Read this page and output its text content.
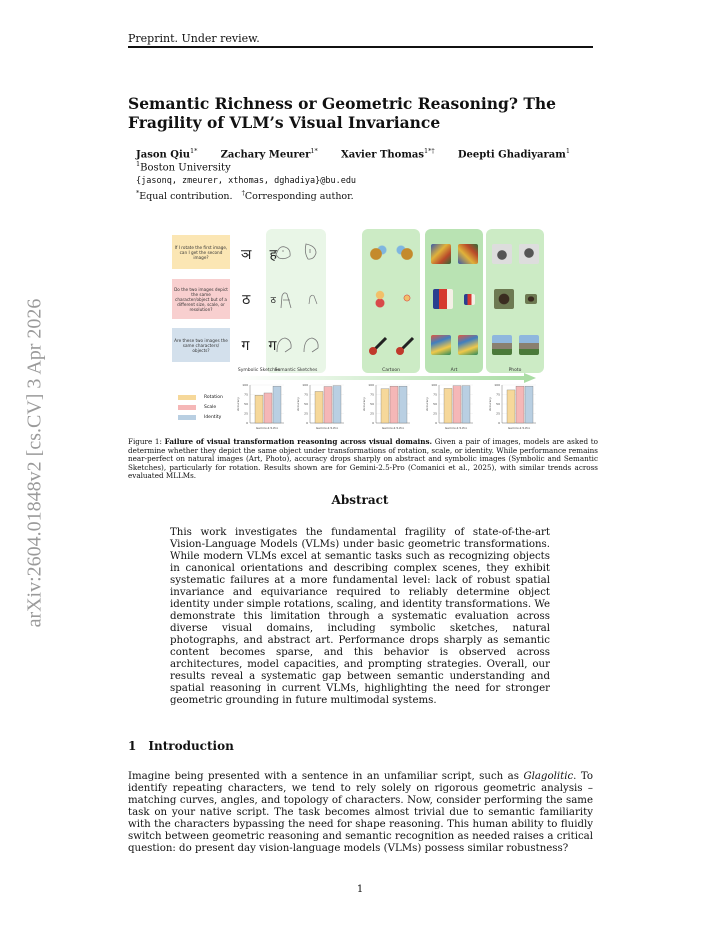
Preprint. Under review.
arXiv:2604.01848v2 [cs.CV] 3 Apr 2026
Semantic Richness or Geometric Reasoning? The Fragility of VLM’s Visual Invariance
Jason Qiu$^{1*}$ Zachary Meurer$^{1*}$ Xavier Thomas$^{1*\dagger}$ Deepti Ghadiyaram$^1$
$^1$Boston University
{jasonq, zmeurer, xthomas, dghadiya}@bu.edu
*Equal contribution. †Corresponding author.
If I rotate the first image, can I get the second image?
Do the two images depict the same character/object but of a different size, scale, or resolution?
Are these two images the same characters/ objects?
ञ ह
ठ ठ
ग ग
Symbolic Sketches
Semantic Sketches	Cartoon	Art	Photo
Rotation
Scale
Identity
100
75
50
25
0
Accuracy
Gemini-2.5-Pro
100
75
50
25
0
Accuracy
Gemini-2.5-Pro
100
75
50
25
0
Accuracy
Gemini-2.5-Pro
100
75
50
25
0
Accuracy
Gemini-2.5-Pro
100
75
50
25
0
Accuracy
Gemini-2.5-Pro
Figure 1: Failure of visual transformation reasoning across visual domains. Given a pair of images, models are asked to determine whether they depict the same object under transformations of rotation, scale, or identity. While performance remains near-perfect on natural images (Art, Photo), accuracy drops sharply on abstract and symbolic images (Symbolic and Semantic Sketches), particularly for rotation. Results shown are for Gemini-2.5-Pro (Comanici et al., 2025), with similar trends across evaluated MLLMs.
Abstract
This work investigates the fundamental fragility of state-of-the-art Vision-Language Models (VLMs) under basic geometric transformations. While modern VLMs excel at semantic tasks such as recognizing objects in canonical orientations and describing complex scenes, they exhibit systematic failures at a more fundamental level: lack of robust spatial invariance and equivariance required to reliably determine object identity under simple rotations, scaling, and identity transformations. We demonstrate this limitation through a systematic evaluation across diverse visual domains, including symbolic sketches, natural photographs, and abstract art. Performance drops sharply as semantic content becomes sparse, and this behavior is observed across architectures, model capacities, and prompting strategies. Overall, our results reveal a systematic gap between semantic understanding and spatial reasoning in current VLMs, highlighting the need for stronger geometric grounding in future multimodal systems.
1 Introduction
Imagine being presented with a sentence in an unfamiliar script, such as Glagolitic. To identify repeating characters, we tend to rely solely on rigorous geometric analysis – matching curves, angles, and topology of characters. Now, consider performing the same task on your native script. The task becomes almost trivial due to semantic familiarity with the characters bypassing the need for shape reasoning. This human ability to fluidly switch between geometric reasoning and semantic recognition as needed raises a critical question: do present day vision-language models (VLMs) possess similar robustness?
1
